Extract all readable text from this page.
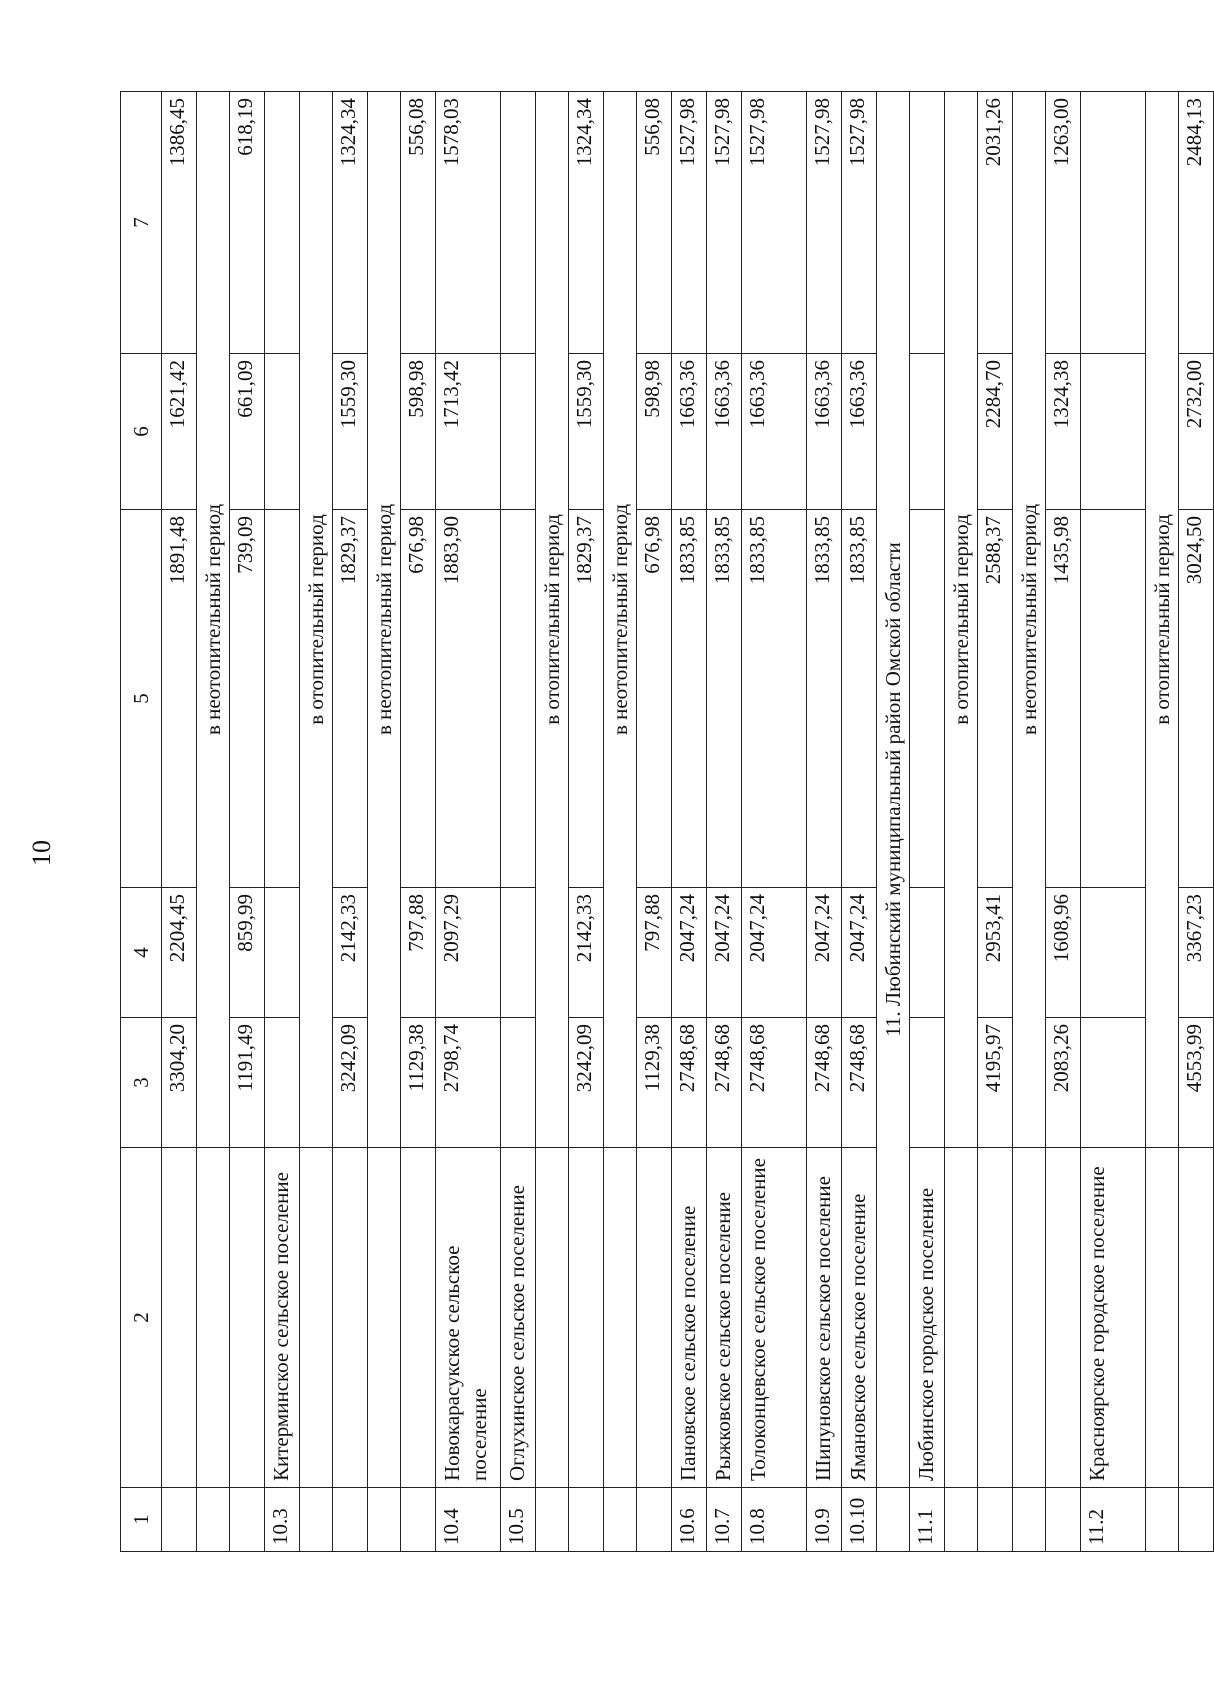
10
1	2	3	4	5	6	7
		3304,20	2204,45	1891,48	1621,42	1386,45
		в неотопительный период				
		1191,49	859,99	739,09	661,09	618,19
10.3	Китерминское сельское поселение					
		в отопительный период				
		3242,09	2142,33	1829,37	1559,30	1324,34
		в неотопительный период				
		1129,38	797,88	676,98	598,98	556,08
10.4	Новокарасукское сельское поселение	2798,74	2097,29	1883,90	1713,42	1578,03
10.5	Оглухинское сельское поселение					
		в отопительный период				
		3242,09	2142,33	1829,37	1559,30	1324,34
		в неотопительный период				
		1129,38	797,88	676,98	598,98	556,08
10.6	Пановское сельское поселение	2748,68	2047,24	1833,85	1663,36	1527,98
10.7	Рыжковское сельское поселение	2748,68	2047,24	1833,85	1663,36	1527,98
10.8	Толоконцевское сельское поселение	2748,68	2047,24	1833,85	1663,36	1527,98
10.9	Шипуновское сельское поселение	2748,68	2047,24	1833,85	1663,36	1527,98
10.10	Ямановское сельское поселение	2748,68	2047,24	1833,85	1663,36	1527,98
	11. Любинский муниципальный район Омской области					
11.1	Любинское городское поселение					
		в отопительный период				
		4195,97	2953,41	2588,37	2284,70	2031,26
		в неотопительный период				
		2083,26	1608,96	1435,98	1324,38	1263,00
11.2	Красноярское городское поселение					
		в отопительный период				
		4553,99	3367,23	3024,50	2732,00	2484,13
